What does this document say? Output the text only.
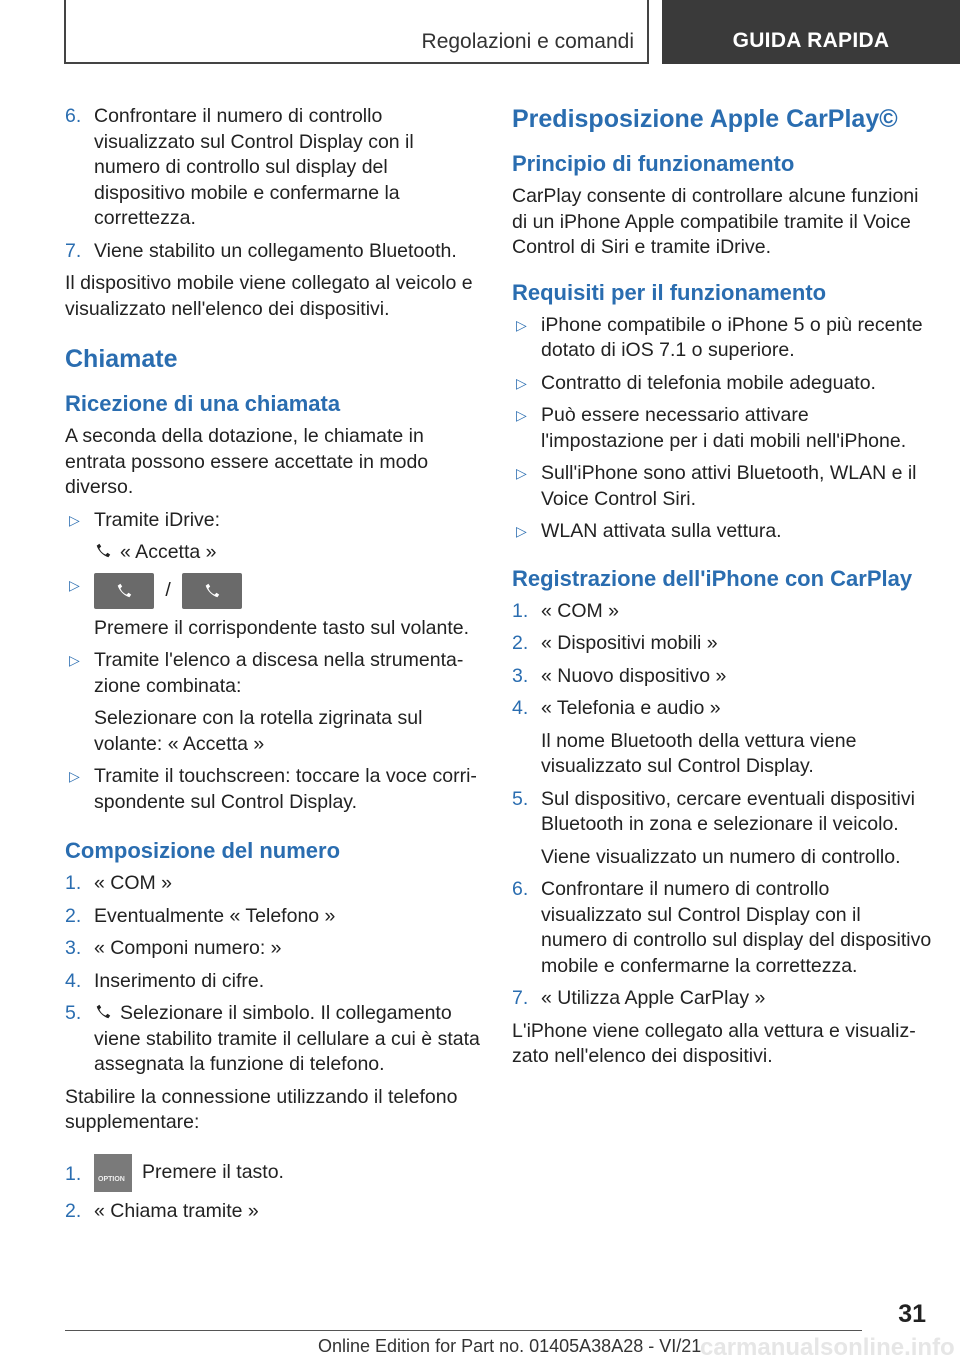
Regolazioni e comandi	GUIDA RAPIDA
6. Confrontare il numero di controllo visualizzato sul Control Display con il numero di controllo sul display del dispositivo mobile e confermarne la correttezza.
7. Viene stabilito un collegamento Bluetooth.

Il dispositivo mobile viene collegato al veicolo e visualizzato nell'elenco dei dispositivi.

Chiamate
Ricezione di una chiamata

A seconda della dotazione, le chiamate in entrata possono essere accettate in modo diverso.

▷ Tramite iDrive:
« Accetta »
▷	/
Premere il corrispondente tasto sul volante.
▷ Tramite l'elenco a discesa nella strumentazione combinata:
Selezionare con la rotella zigrinata sul volante: « Accetta »
▷ Tramite il touchscreen: toccare la voce corrispondente sul Control Display.
Composizione del numero
1. « COM »
2. Eventualmente « Telefono »
3. « Componi numero: »
4. Inserimento di cifre.
5. Selezionare il simbolo. Il collegamento viene stabilito tramite il cellulare a cui è stata assegnata la funzione di telefono.

Stabilire la connessione utilizzando il telefono supplementare:

1. OPTION Premere il tasto.
2. « Chiama tramite »
Predisposizione Apple CarPlay©
Principio di funzionamento

CarPlay consente di controllare alcune funzioni di un iPhone Apple compatibile tramite il Voice Control di Siri e tramite iDrive.

Requisiti per il funzionamento
▷ iPhone compatibile o iPhone 5 o più recente dotato di iOS 7.1 o superiore.
▷ Contratto di telefonia mobile adeguato.
▷ Può essere necessario attivare l'impostazione per i dati mobili nell'iPhone.
▷ Sull'iPhone sono attivi Bluetooth, WLAN e il Voice Control Siri.
▷ WLAN attivata sulla vettura.
Registrazione dell'iPhone con CarPlay
1. « COM »
2. « Dispositivi mobili »
3. « Nuovo dispositivo »
4. « Telefonia e audio »
Il nome Bluetooth della vettura viene visualizzato sul Control Display.
5. Sul dispositivo, cercare eventuali dispositivi Bluetooth in zona e selezionare il veicolo.
Viene visualizzato un numero di controllo.
6. Confrontare il numero di controllo visualizzato sul Control Display con il numero di controllo sul display del dispositivo mobile e confermarne la correttezza.
7. « Utilizza Apple CarPlay »

L'iPhone viene collegato alla vettura e visualizzato nell'elenco dei dispositivi.

31
carmanualsonline.info
Online Edition for Part no. 01405A38A28 - VI/21
